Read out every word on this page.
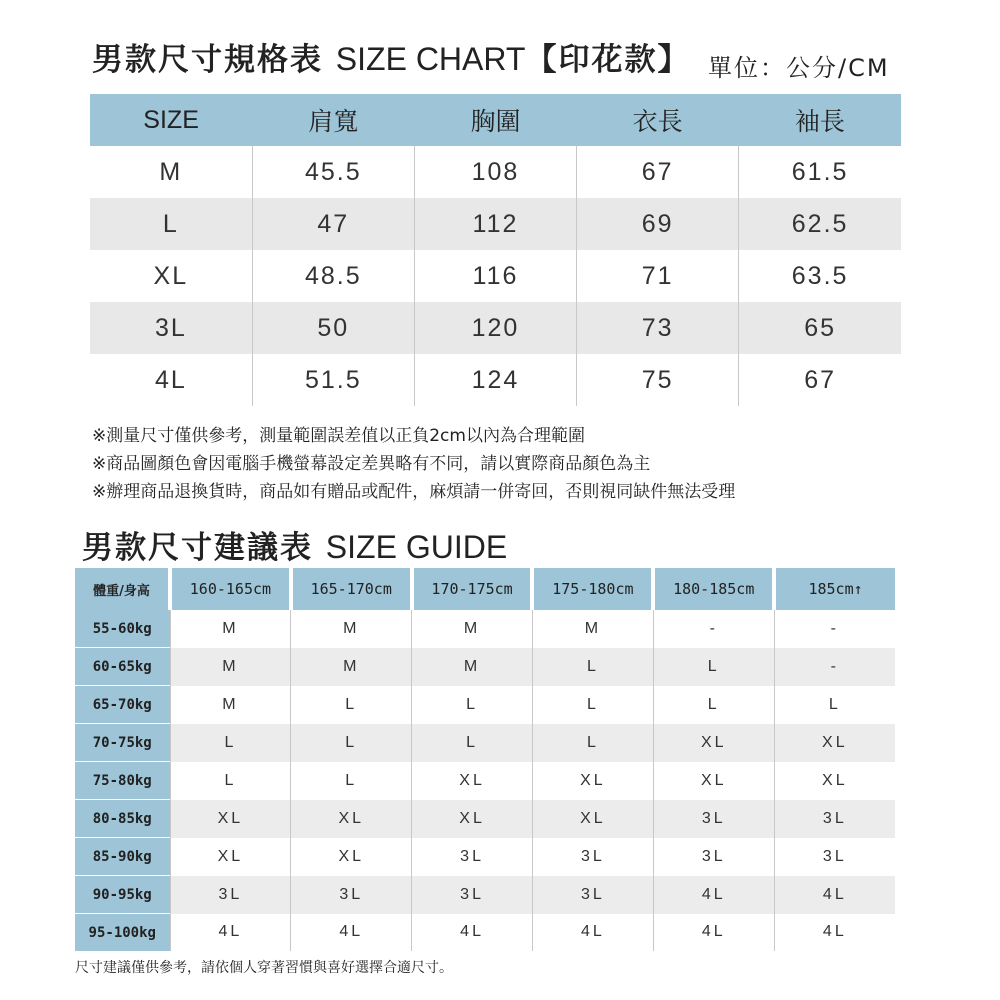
男款尺寸規格表 SIZE CHART【印花款】 單位：公分/CM
SIZE	肩寬	胸圍	衣長	袖長
M	45.5	108	67	61.5
L	47	112	69	62.5
XL	48.5	116	71	63.5
3L	50	120	73	65
4L	51.5	124	75	67
※測量尺寸僅供參考，測量範圍誤差值以正負2cm以內為合理範圍
※商品圖顏色會因電腦手機螢幕設定差異略有不同，請以實際商品顏色為主
※辦理商品退換貨時，商品如有贈品或配件，麻煩請一併寄回，否則視同缺件無法受理
男款尺寸建議表 SIZE GUIDE
體重/身高	160-165cm	165-170cm	170-175cm	175-180cm	180-185cm	185cm↑
55-60kg	M	M	M	M	-	-
60-65kg	M	M	M	L	L	-
65-70kg	M	L	L	L	L	L
70-75kg	L	L	L	L	XL	XL
75-80kg	L	L	XL	XL	XL	XL
80-85kg	XL	XL	XL	XL	3L	3L
85-90kg	XL	XL	3L	3L	3L	3L
90-95kg	3L	3L	3L	3L	4L	4L
95-100kg	4L	4L	4L	4L	4L	4L
尺寸建議僅供參考，請依個人穿著習慣與喜好選擇合適尺寸。
